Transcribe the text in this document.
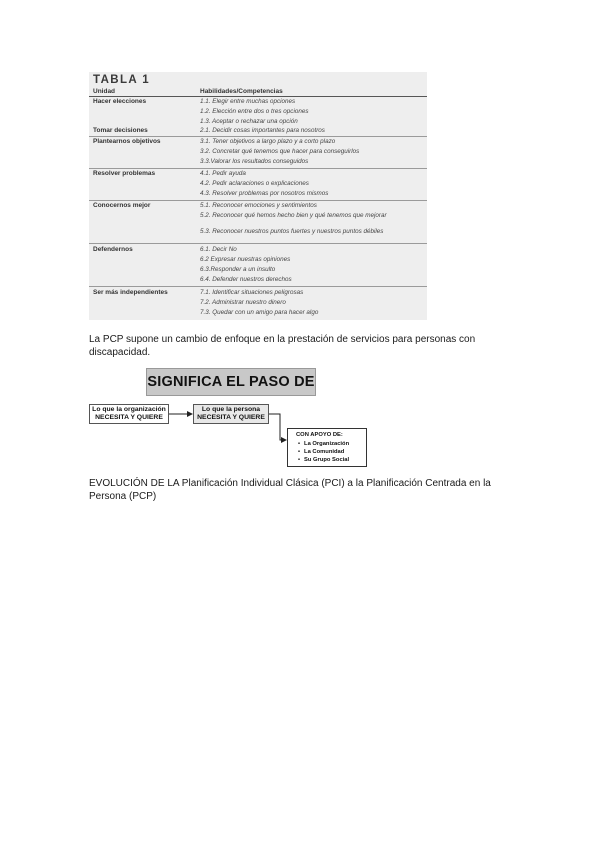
TABLA 1
Unidad	Habilidades/Competencias
Hacer elecciones	1.1. Elegir entre muchas opciones
1.2. Elección entre dos o tres opciones
1.3. Aceptar o rechazar una opción
Tomar decisiones	2.1. Decidir cosas importantes para nosotros
Plantearnos objetivos	3.1. Tener objetivos a largo plazo y a corto plazo
3.2. Concretar qué tenemos que hacer para conseguirlos
3.3.Valorar los resultados conseguidos
Resolver problemas	4.1. Pedir ayuda
4.2. Pedir aclaraciones o explicaciones
4.3. Resolver problemas por nosotros mismos
Conocernos mejor	5.1. Reconocer emociones y sentimientos
5.2. Reconocer qué hemos hecho bien y qué tenemos que mejorar
5.3. Reconocer nuestros puntos fuertes y nuestros puntos débiles
Defendernos	6.1. Decir No
6.2 Expresar nuestras opiniones
6.3.Responder a un insulto
6.4. Defender nuestros derechos
Ser más independientes	7.1. Identificar situaciones peligrosas
7.2. Administrar nuestro dinero
7.3. Quedar con un amigo para hacer algo
La PCP supone un cambio de enfoque en la prestación de servicios para personas con discapacidad.
SIGNIFICA EL PASO DE
Lo que la organización
NECESITA Y QUIERE
Lo que la persona
NECESITA Y QUIERE
CON APOYO DE:
• La Organización
• La Comunidad
• Su Grupo Social
EVOLUCIÓN DE LA Planificación Individual Clásica (PCI) a la Planificación Centrada en la Persona (PCP)
